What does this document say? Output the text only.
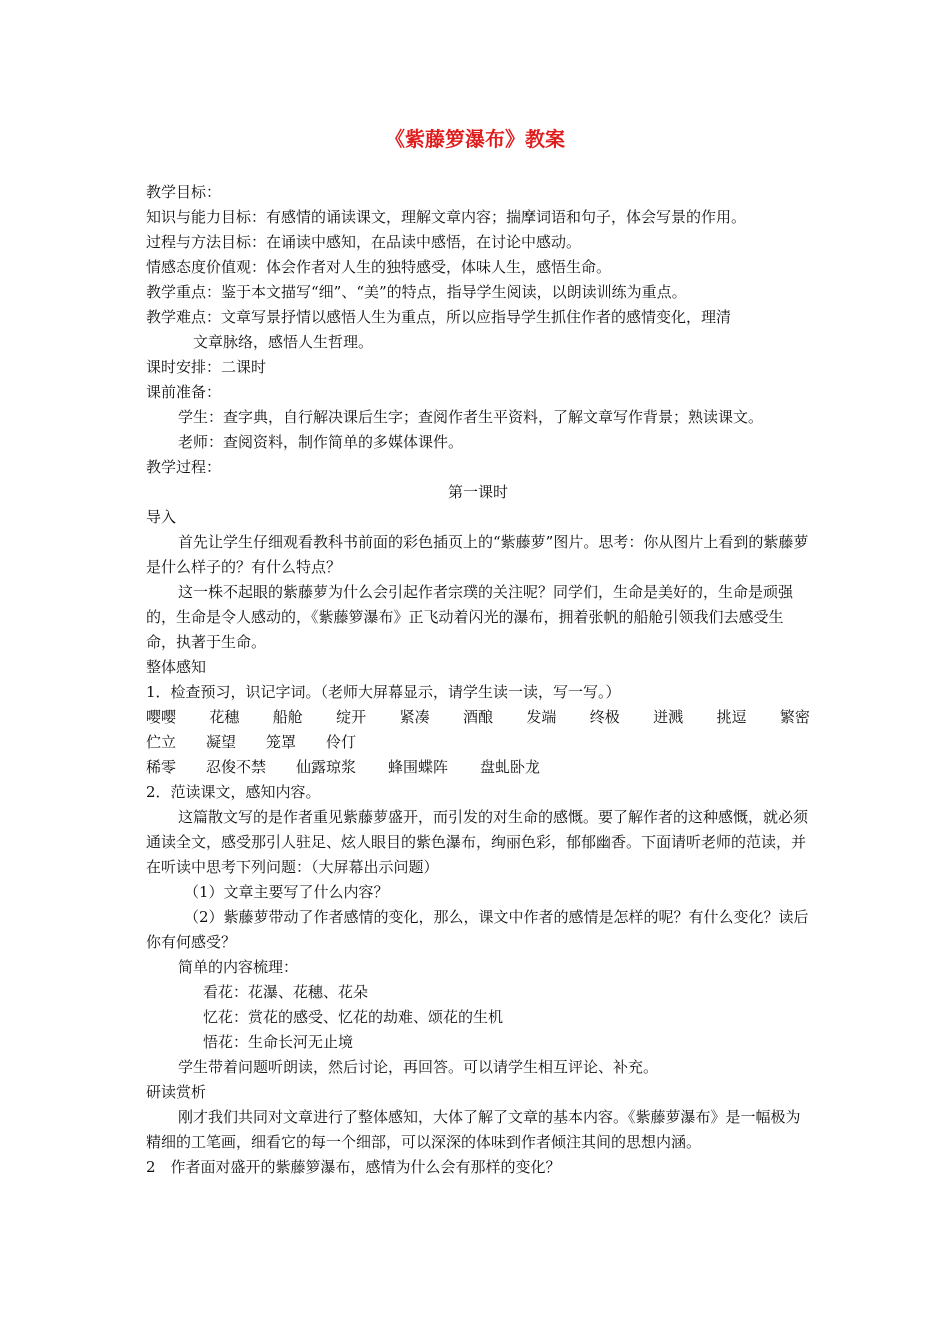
《紫藤箩瀑布》教案
教学目标：
知识与能力目标：有感情的诵读课文，理解文章内容；揣摩词语和句子，体会写景的作用。
过程与方法目标：在诵读中感知，在品读中感悟，在讨论中感动。
情感态度价值观：体会作者对人生的独特感受，体味人生，感悟生命。
教学重点：鉴于本文描写“细”、“美”的特点，指导学生阅读，以朗读训练为重点。
教学难点：文章写景抒情以感悟人生为重点，所以应指导学生抓住作者的感情变化，理清
文章脉络，感悟人生哲理。
课时安排：二课时
课前准备：
学生：查字典，自行解决课后生字；查阅作者生平资料，了解文章写作背景；熟读课文。
老师：查阅资料，制作简单的多媒体课件。
教学过程：
第一课时
导入
首先让学生仔细观看教科书前面的彩色插页上的“紫藤萝”图片。思考：你从图片上看到的紫藤萝是什么样子的？有什么特点？
这一株不起眼的紫藤萝为什么会引起作者宗璞的关注呢？同学们，生命是美好的，生命是顽强的，生命是令人感动的，《紫藤箩瀑布》正飞动着闪光的瀑布，拥着张帆的船舱引领我们去感受生命，执著于生命。
整体感知
1．检查预习，识记字词。（老师大屏幕显示，请学生读一读，写一写。）
嘤嘤 花穗 船舱 绽开 紧凑 酒酿 发端 终极 迸溅 挑逗 繁密
伫立	凝望	笼罩	伶仃
稀零	忍俊不禁	仙露琼浆	蜂围蝶阵	盘虬卧龙
2．范读课文，感知内容。
这篇散文写的是作者重见紫藤萝盛开，而引发的对生命的感慨。要了解作者的这种感慨，就必须通读全文，感受那引人驻足、炫人眼目的紫色瀑布，绚丽色彩，郁郁幽香。下面请听老师的范读，并在听读中思考下列问题：（大屏幕出示问题）
（1）文章主要写了什么内容？
（2）紫藤萝带动了作者感情的变化，那么，课文中作者的感情是怎样的呢？有什么变化？读后你有何感受？
简单的内容梳理：
看花：花瀑、花穗、花朵
忆花：赏花的感受、忆花的劫难、颂花的生机
悟花：生命长河无止境
学生带着问题听朗读，然后讨论，再回答。可以请学生相互评论、补充。
研读赏析
刚才我们共同对文章进行了整体感知，大体了解了文章的基本内容。《紫藤萝瀑布》是一幅极为精细的工笔画，细看它的每一个细部，可以深深的体味到作者倾注其间的思想内涵。
2　作者面对盛开的紫藤箩瀑布，感情为什么会有那样的变化？
